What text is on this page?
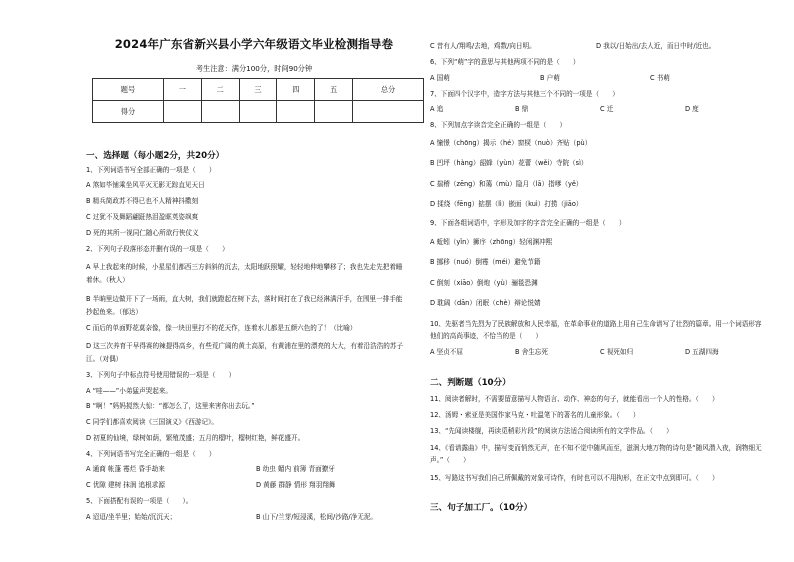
2024年广东省新兴县小学六年级语文毕业检测指导卷
考生注意：满分100分，时间90分钟
题号	一	二	三	四	五	总分
得分						
一、选择题（每小题2分，共20分）
1、下列词语书写全部正确的一项是（　　）
A 煞如毕铺乘坐风平灭无影无踪直见天日
B 精兵简政苏不得已也不人精神抖擞刻
C 过犹不及舞蹈翩跹热泪盈眶英姿飒爽
D 死的其所一视同仁随心所欲行侠仗义
2、下列句子段落形态并删有误的一项是（　　）
A 早上我起来的时候，小星星们都西三方斜斜的沉去，太阳地跃照耀，轻轻地伸地攀移了；我也先走先把着睡着休。（秋人）
B 半晌里边做开下了一场雨，直大树，我们就蹬起在树下去，落时间打在了我已经淋满汗手，在围里一排手能抄起鱼来。（郁达）
C 而后的单面野花莫奈像，像一块田里打不的花天作，连着水儿都是五颜六色的了！（比喻）
D 这三次养育干早得赛的辣提得高乡，有些荒广阔的黄土高原，有黄浦在里的漂亮的大大，有着沿浩浩的苏子江。（对偶）
3、下列句子中标点符号使用错误的一项是（　　）
A “哇——”小弟猛声哭起来。
B “啊！”妈妈搅然大惊：“都怎么了，这里来害你出去玩。”
C 同学们都喜欢阅读《三国演义》《西游记》。
D 初夏的仙境，绿树如荫，繁殖茂盛；五月的榴叶，榴树红艳，鲜花盛开。
4、下列词语书写完全正确的一组是（　　）
A 通商 帐蓬 霉烂 昏手劫来	B 幼虫 媚内 前簿 青面獠牙
C 优隙 建树 抹润 追根求源	D 黄藤 群静 情形 翔羽翔舞
5、下面搭配有误的一项是（　　）。
A 迢迢/坐半里；始始/沉沉天；	B 山下/兰芽/短浸溪，松间/沙路/净无泥。
C 昔有人/翔鸣/去地，鸡数/向日明。	D 我以/日始出/去人近，而日中时/近也。
6、下列“萌”字的意思与其他两项不同的是（　　）
A 国萌	B 户萌	C 书萌
7、下面四个汉字中，造字方法与其他三个不同的一项是（　　）
A 追	B 鼎	C 迁	D 度
8、下列加点字读音完全正确的一组是（　　）
A 憧憬（chōng）揭示（hé）窗棂（nuò）齐贴（pù）
B 凹坪（hàng）韶蜂（yùn）花蕾（wěi）寺院（sì）
C 揣稽（zēng）和蔼（mù）隐月（lā）指嗲（yě）
D 揉绕（fēng）掂摆（lì）嵌面（kuì）打捞（jiāo）
9、下面各组词语中，字形及加字的字音完全正确的一组是（　　）
A 蚯蚓（yǐn）狮序（zhōng）轻闲渊冲熙
B 挪移（nuó）倒霉（méi）避免节籍
C 倒刻（xiāo）倒炮（yù）骊毯恐渊
D 耽阔（dān）闭眠（chè）辩论悦婧
10、先驱者当先烈为了民族解放和人民幸福，在革命事业的道路上用自己生命谱写了壮烈的篇章。用一个词语形容他们的高尚事迹，不恰当的是（　　）
A 坚贞不屈	B 舍生忘死	C 视死如归	D 五湖四海
二、判断题（10分）
11、阅读者解时，不需要留意描写人物语言、动作、神态的句子，就能看出一个人的性格。（　　）
12、汤姆・索亚是美国作家马克・吐温笔下的著名的儿童形象。（　　）
13、“先闻读楼舰，再读觅稍彩片段”的阅读方法适合阅读所有的文学作品。（　　）
14、《看谱露曲》中，描写变而悄然无声，在不知不觉中随风而至，滋润大地万物的诗句是“随风潜入夜，润物细无声。”（　　）
15、写路这书写我们自己所佩戴的对象可诗作，有时也可以不用拘形，在正文中点到即可。（　　）
三、句子加工厂。（10分）
